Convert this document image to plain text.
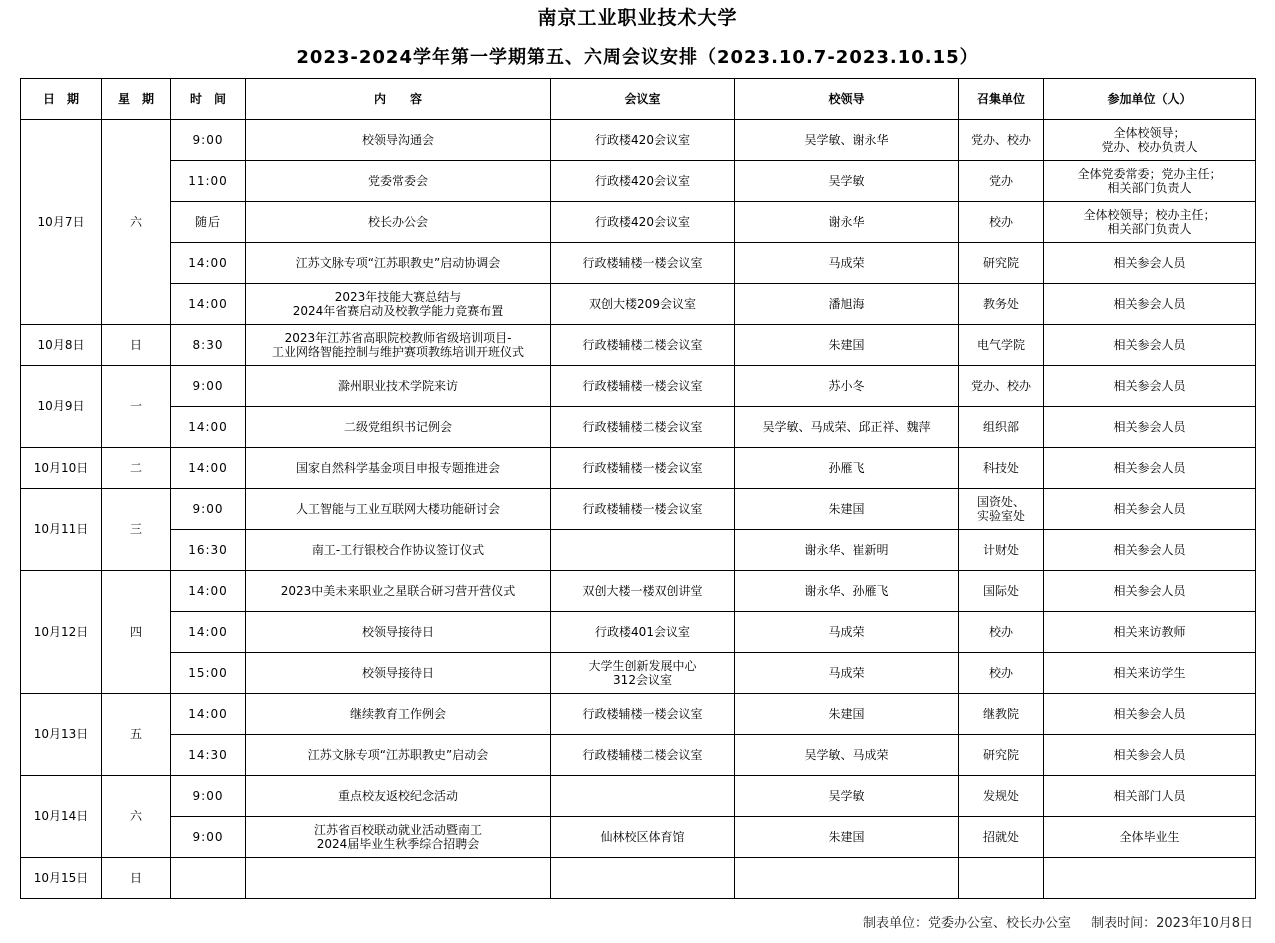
南京工业职业技术大学
2023-2024学年第一学期第五、六周会议安排（2023.10.7-2023.10.15）
日　期	星　期	时　间	内　　容	会议室	校领导	召集单位	参加单位（人）
10月7日	六	9:00	校领导沟通会	行政楼420会议室	吴学敏、谢永华	党办、校办	全体校领导；
党办、校办负责人
		11:00	党委常委会	行政楼420会议室	吴学敏	党办	全体党委常委；党办主任；
相关部门负责人
		随后	校长办公会	行政楼420会议室	谢永华	校办	全体校领导；校办主任；
相关部门负责人
		14:00	江苏文脉专项“江苏职教史”启动协调会	行政楼辅楼一楼会议室	马成荣	研究院	相关参会人员
		14:00	2023年技能大赛总结与
2024年省赛启动及校教学能力竞赛布置	双创大楼209会议室	潘旭海	教务处	相关参会人员
10月8日	日	8:30	2023年江苏省高职院校教师省级培训项目-
工业网络智能控制与维护赛项教练培训开班仪式	行政楼辅楼二楼会议室	朱建国	电气学院	相关参会人员
10月9日	一	9:00	滁州职业技术学院来访	行政楼辅楼一楼会议室	苏小冬	党办、校办	相关参会人员
		14:00	二级党组织书记例会	行政楼辅楼二楼会议室	吴学敏、马成荣、邱正祥、魏萍	组织部	相关参会人员
10月10日	二	14:00	国家自然科学基金项目申报专题推进会	行政楼辅楼一楼会议室	孙雁飞	科技处	相关参会人员
10月11日	三	9:00	人工智能与工业互联网大楼功能研讨会	行政楼辅楼一楼会议室	朱建国	国资处、
实验室处	相关参会人员
		16:30	南工-工行银校合作协议签订仪式		谢永华、崔新明	计财处	相关参会人员
10月12日	四	14:00	2023中美未来职业之星联合研习营开营仪式	双创大楼一楼双创讲堂	谢永华、孙雁飞	国际处	相关参会人员
		14:00	校领导接待日	行政楼401会议室	马成荣	校办	相关来访教师
		15:00	校领导接待日	大学生创新发展中心
312会议室	马成荣	校办	相关来访学生
10月13日	五	14:00	继续教育工作例会	行政楼辅楼一楼会议室	朱建国	继教院	相关参会人员
		14:30	江苏文脉专项“江苏职教史”启动会	行政楼辅楼二楼会议室	吴学敏、马成荣	研究院	相关参会人员
10月14日	六	9:00	重点校友返校纪念活动		吴学敏	发规处	相关部门人员
		9:00	江苏省百校联动就业活动暨南工
2024届毕业生秋季综合招聘会	仙林校区体育馆	朱建国	招就处	全体毕业生
10月15日	日						
制表单位：党委办公室、校长办公室 制表时间：2023年10月8日
